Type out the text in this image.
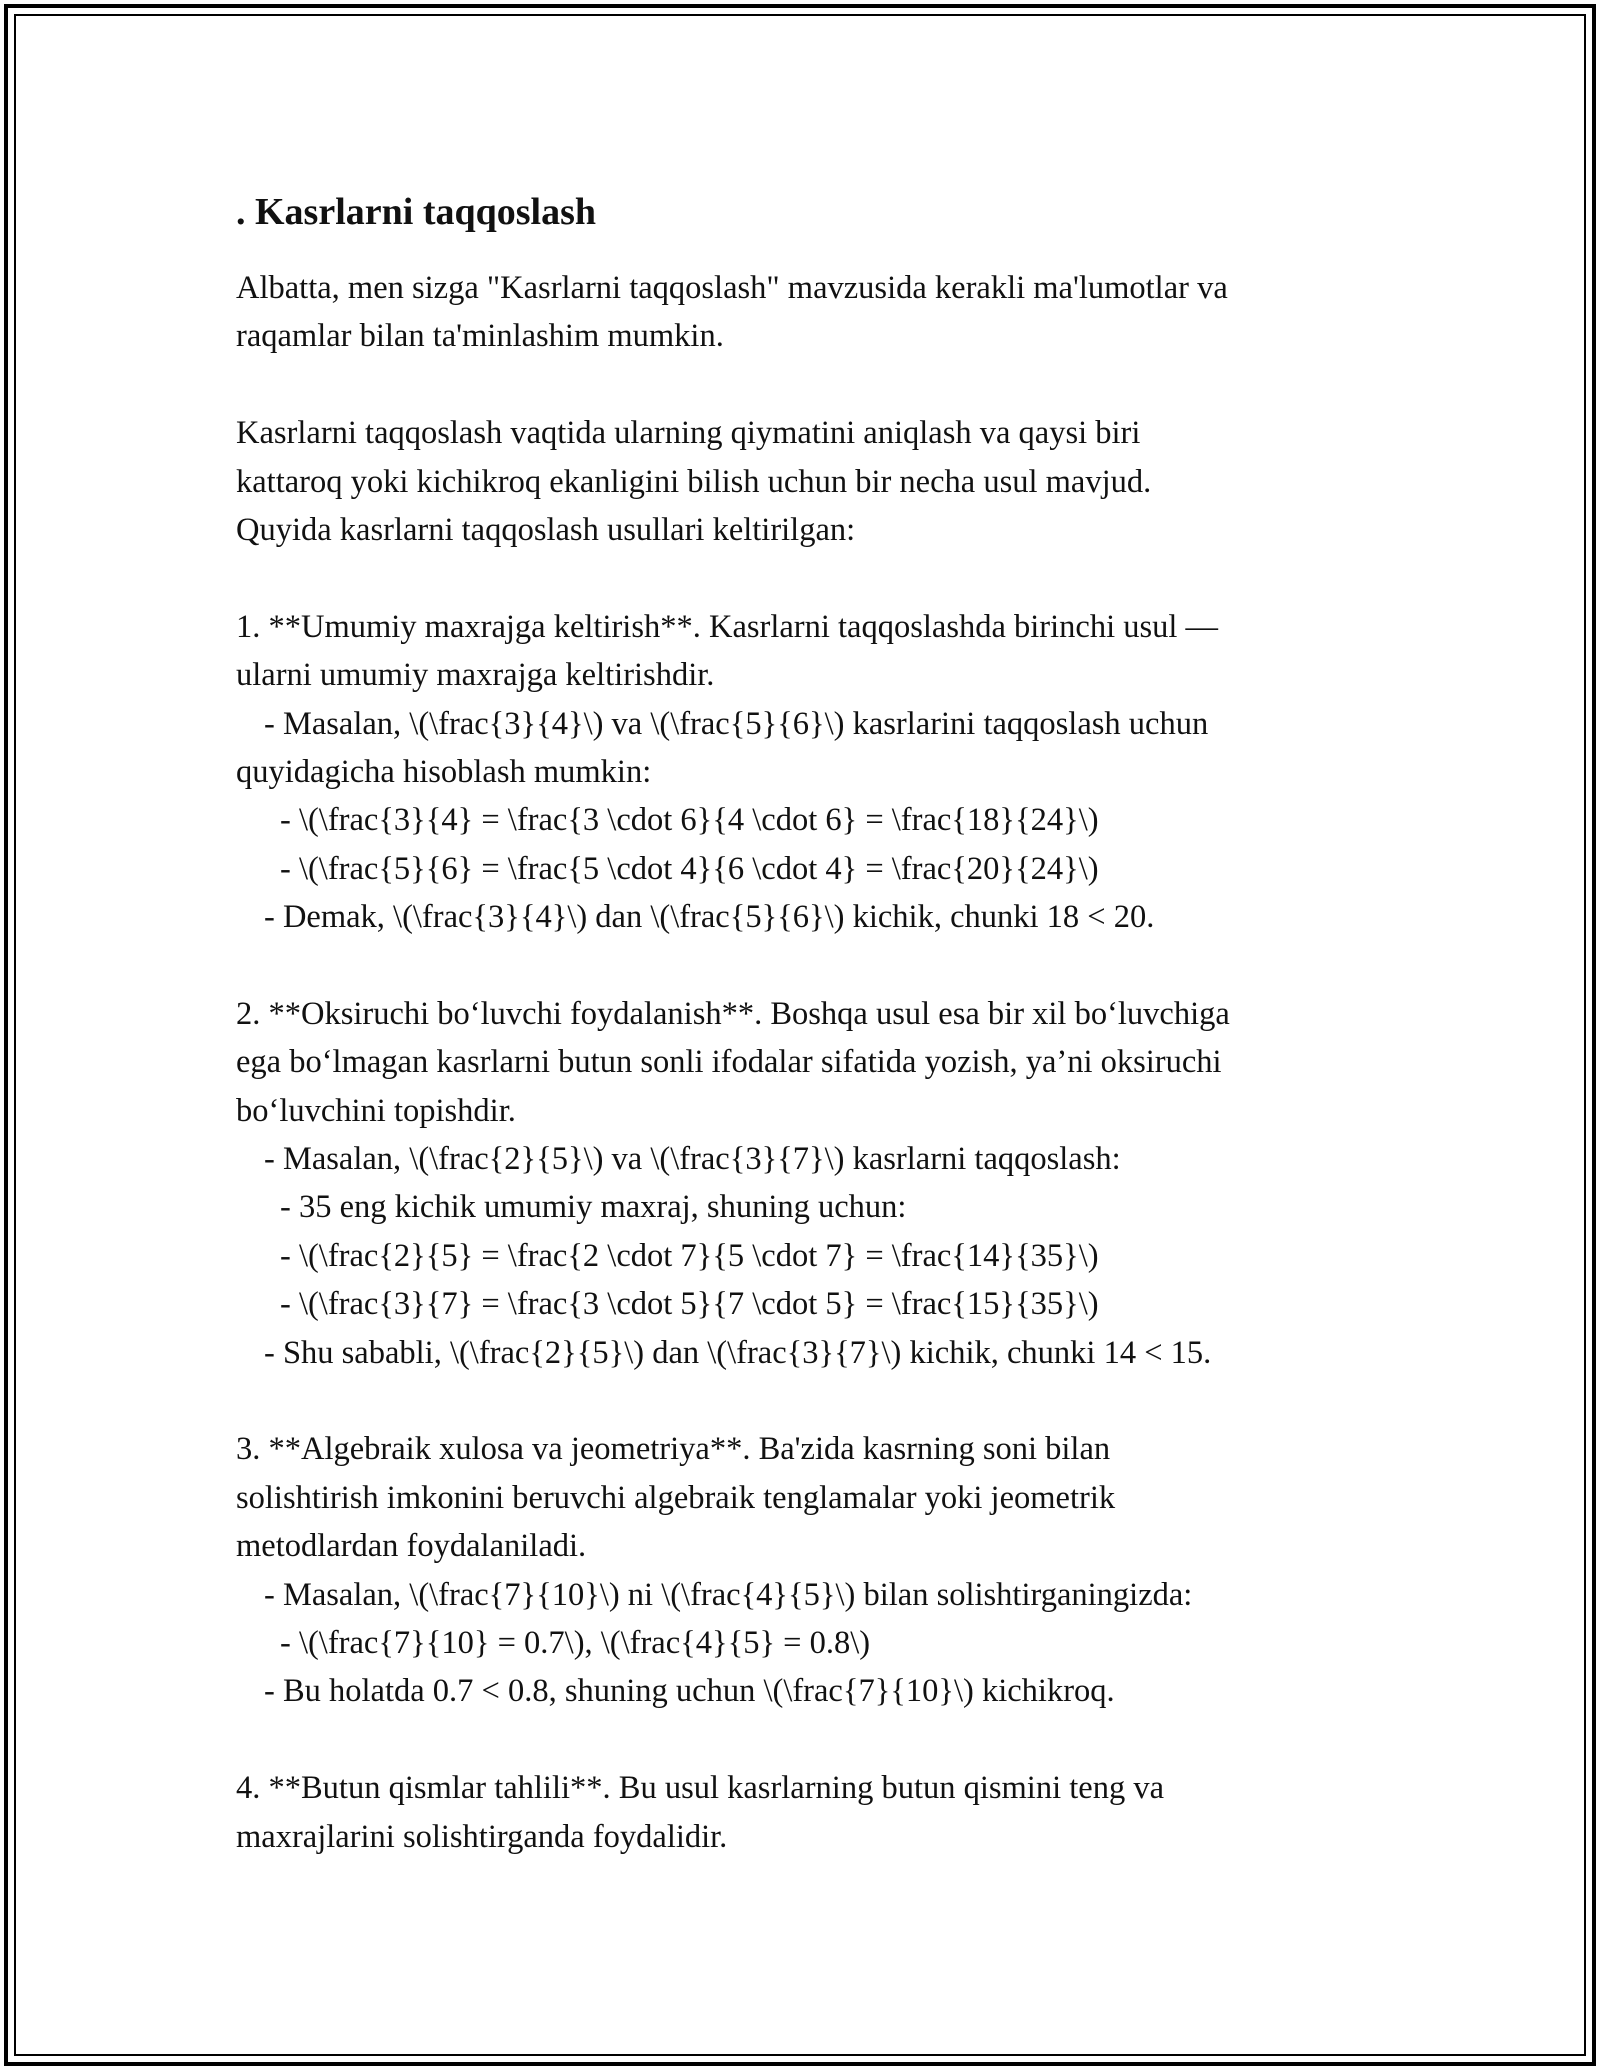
. Kasrlarni taqqoslash
Albatta, men sizga "Kasrlarni taqqoslash" mavzusida kerakli ma'lumotlar va
raqamlar bilan ta'minlashim mumkin.
Kasrlarni taqqoslash vaqtida ularning qiymatini aniqlash va qaysi biri
kattaroq yoki kichikroq ekanligini bilish uchun bir necha usul mavjud.
Quyida kasrlarni taqqoslash usullari keltirilgan:
1. **Umumiy maxrajga keltirish**. Kasrlarni taqqoslashda birinchi usul —
ularni umumiy maxrajga keltirishdir.
- Masalan, \(\frac{3}{4}\) va \(\frac{5}{6}\) kasrlarini taqqoslash uchun
quyidagicha hisoblash mumkin:
- \(\frac{3}{4} = \frac{3 \cdot 6}{4 \cdot 6} = \frac{18}{24}\)
- \(\frac{5}{6} = \frac{5 \cdot 4}{6 \cdot 4} = \frac{20}{24}\)
- Demak, \(\frac{3}{4}\) dan \(\frac{5}{6}\) kichik, chunki 18 < 20.
2. **Oksiruchi bo‘luvchi foydalanish**. Boshqa usul esa bir xil bo‘luvchiga
ega bo‘lmagan kasrlarni butun sonli ifodalar sifatida yozish, ya’ni oksiruchi
bo‘luvchini topishdir.
- Masalan, \(\frac{2}{5}\) va \(\frac{3}{7}\) kasrlarni taqqoslash:
- 35 eng kichik umumiy maxraj, shuning uchun:
- \(\frac{2}{5} = \frac{2 \cdot 7}{5 \cdot 7} = \frac{14}{35}\)
- \(\frac{3}{7} = \frac{3 \cdot 5}{7 \cdot 5} = \frac{15}{35}\)
- Shu sababli, \(\frac{2}{5}\) dan \(\frac{3}{7}\) kichik, chunki 14 < 15.
3. **Algebraik xulosa va jeometriya**. Ba'zida kasrning soni bilan
solishtirish imkonini beruvchi algebraik tenglamalar yoki jeometrik
metodlardan foydalaniladi.
- Masalan, \(\frac{7}{10}\) ni \(\frac{4}{5}\) bilan solishtirganingizda:
- \(\frac{7}{10} = 0.7\), \(\frac{4}{5} = 0.8\)
- Bu holatda 0.7 < 0.8, shuning uchun \(\frac{7}{10}\) kichikroq.
4. **Butun qismlar tahlili**. Bu usul kasrlarning butun qismini teng va
maxrajlarini solishtirganda foydalidir.
